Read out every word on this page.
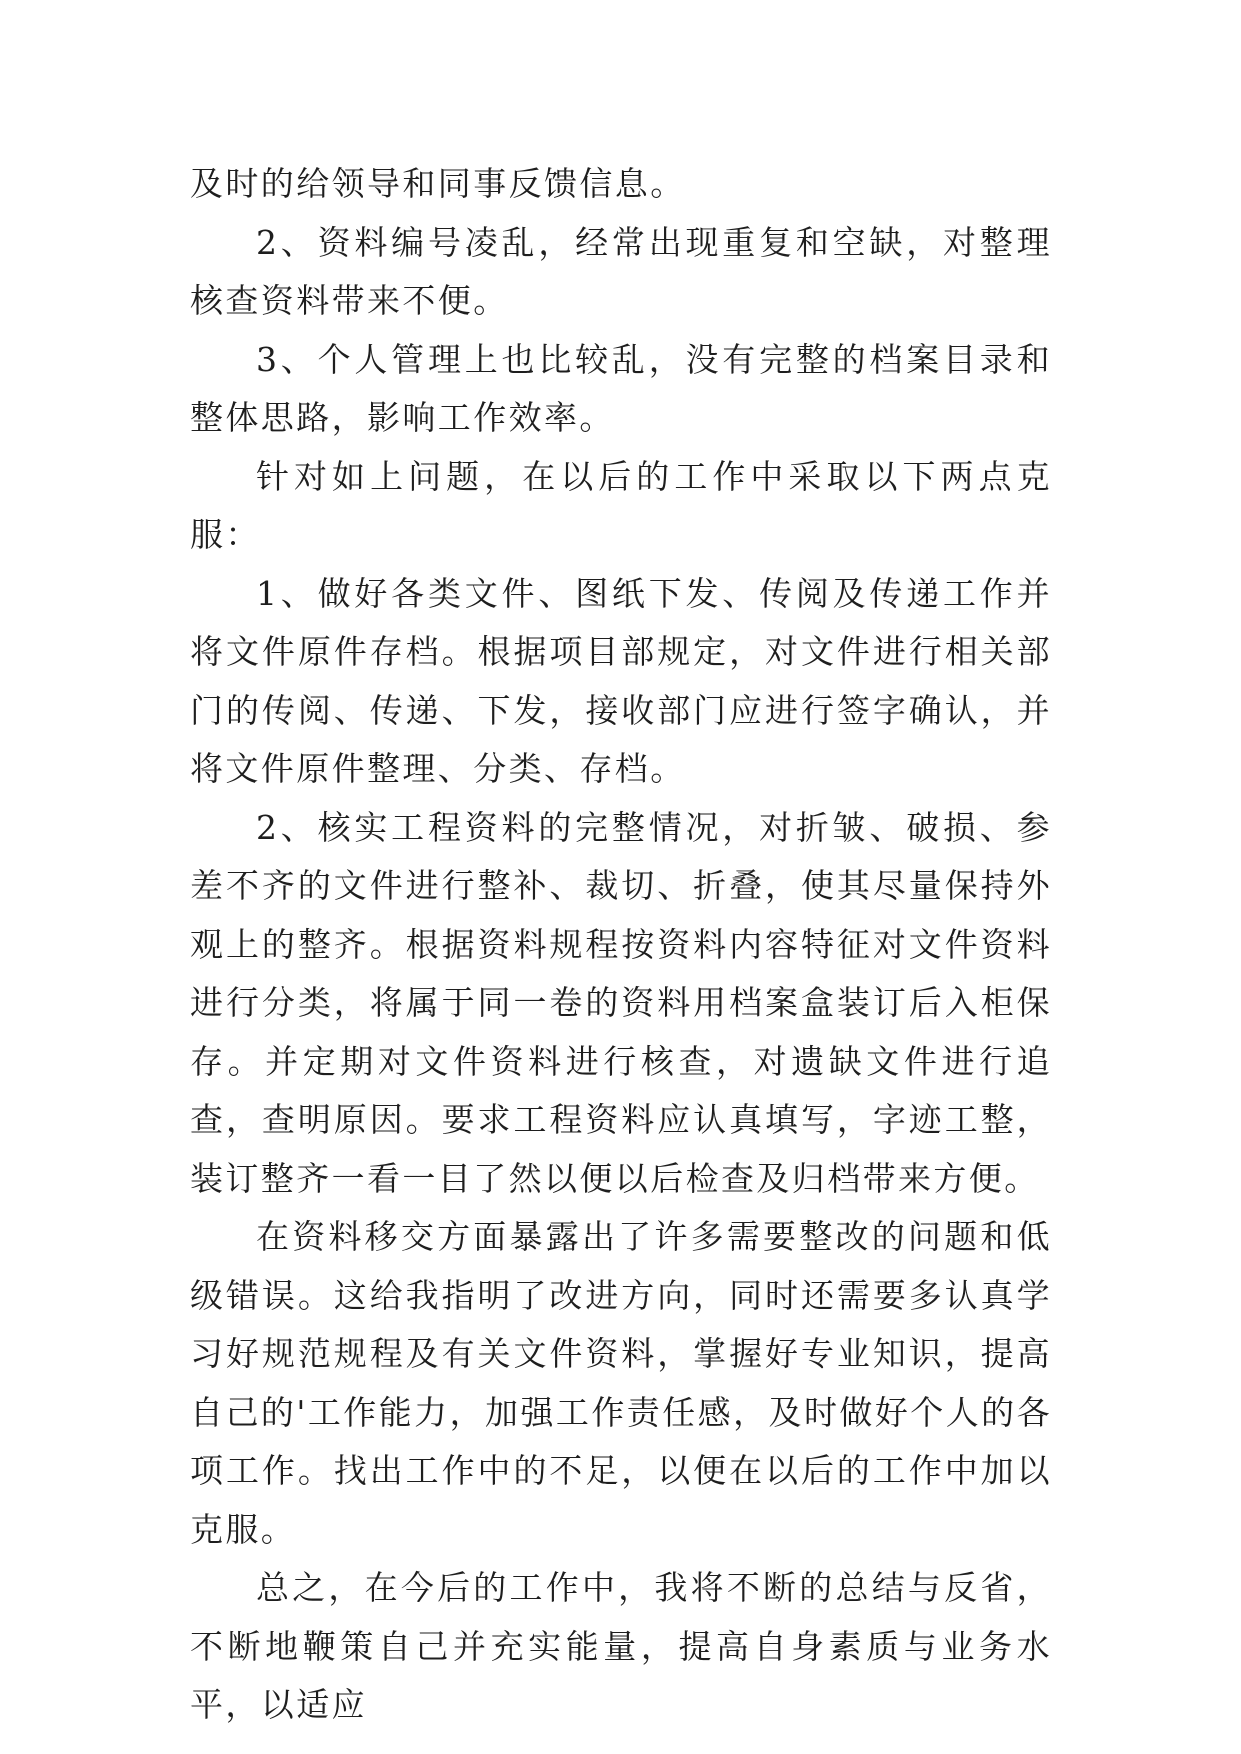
及时的给领导和同事反馈信息。

2、资料编号凌乱，经常出现重复和空缺，对整理核查资料带来不便。

3、个人管理上也比较乱，没有完整的档案目录和整体思路，影响工作效率。

针对如上问题，在以后的工作中采取以下两点克服：

1、做好各类文件、图纸下发、传阅及传递工作并将文件原件存档。根据项目部规定，对文件进行相关部门的传阅、传递、下发，接收部门应进行签字确认，并将文件原件整理、分类、存档。

2、核实工程资料的完整情况，对折皱、破损、参差不齐的文件进行整补、裁切、折叠，使其尽量保持外观上的整齐。根据资料规程按资料内容特征对文件资料进行分类，将属于同一卷的资料用档案盒装订后入柜保存。并定期对文件资料进行核查，对遗缺文件进行追查，查明原因。要求工程资料应认真填写，字迹工整，装订整齐一看一目了然以便以后检查及归档带来方便。

在资料移交方面暴露出了许多需要整改的问题和低级错误。这给我指明了改进方向，同时还需要多认真学习好规范规程及有关文件资料，掌握好专业知识，提高自己的'工作能力，加强工作责任感，及时做好个人的各项工作。找出工作中的不足，以便在以后的工作中加以克服。

总之，在今后的工作中，我将不断的总结与反省，不断地鞭策自己并充实能量，提高自身素质与业务水平，以适应
